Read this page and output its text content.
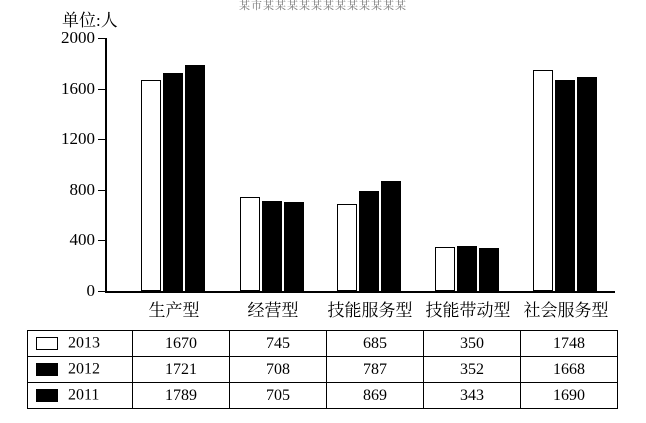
某市某某某某某某某某某某某某
单位:人
0
400
800
1200
1600
2000
生产型	经营型 技能服务型 技能带动型 社会服务型
2013	1670	745	685	350	1748
2012	1721	708	787	352	1668
2011	1789	705	869	343	1690
